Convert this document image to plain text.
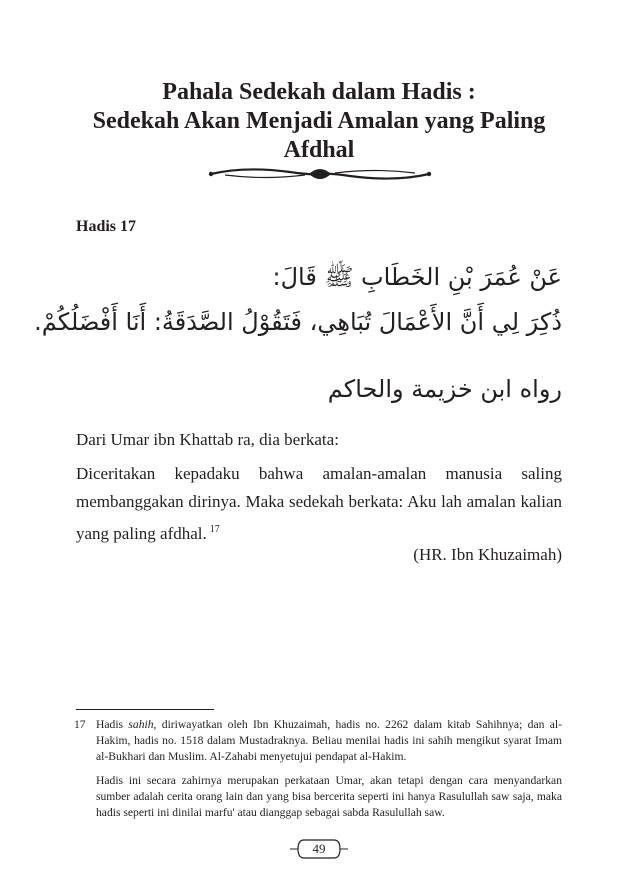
Pahala Sedekah dalam Hadis :
Sedekah Akan Menjadi Amalan yang Paling
Afdhal
Hadis 17
عَنْ عُمَرَ بْنِ الخَطَابِ ﷺ قَالَ:
ذُكِرَ لِي أَنَّ الأَعْمَالَ تُبَاهِي، فَتَقُوْلُ الصَّدَقَةُ: أَنَا أَفْضَلُكُمْ.
رواه ابن خزيمة والحاكم
Dari Umar ibn Khattab ra, dia berkata:
Diceritakan kepadaku bahwa amalan-amalan manusia saling membanggakan dirinya. Maka sedekah berkata: Aku lah amalan kalian yang paling afdhal. $^{17}$
(HR. Ibn Khuzaimah)
17 Hadis sahih, diriwayatkan oleh Ibn Khuzaimah, hadis no. 2262 dalam kitab Sahihnya; dan al-Hakim, hadis no. 1518 dalam Mustadraknya. Beliau menilai hadis ini sahih mengikut syarat Imam al-Bukhari dan Muslim. Al-Zahabi menyetujui pendapat al-Hakim.
Hadis ini secara zahirnya merupakan perkataan Umar, akan tetapi dengan cara menyandarkan sumber adalah cerita orang lain dan yang bisa bercerita seperti ini hanya Rasulullah saw saja, maka hadis seperti ini dinilai marfu' atau dianggap sebagai sabda Rasulullah saw.
49
